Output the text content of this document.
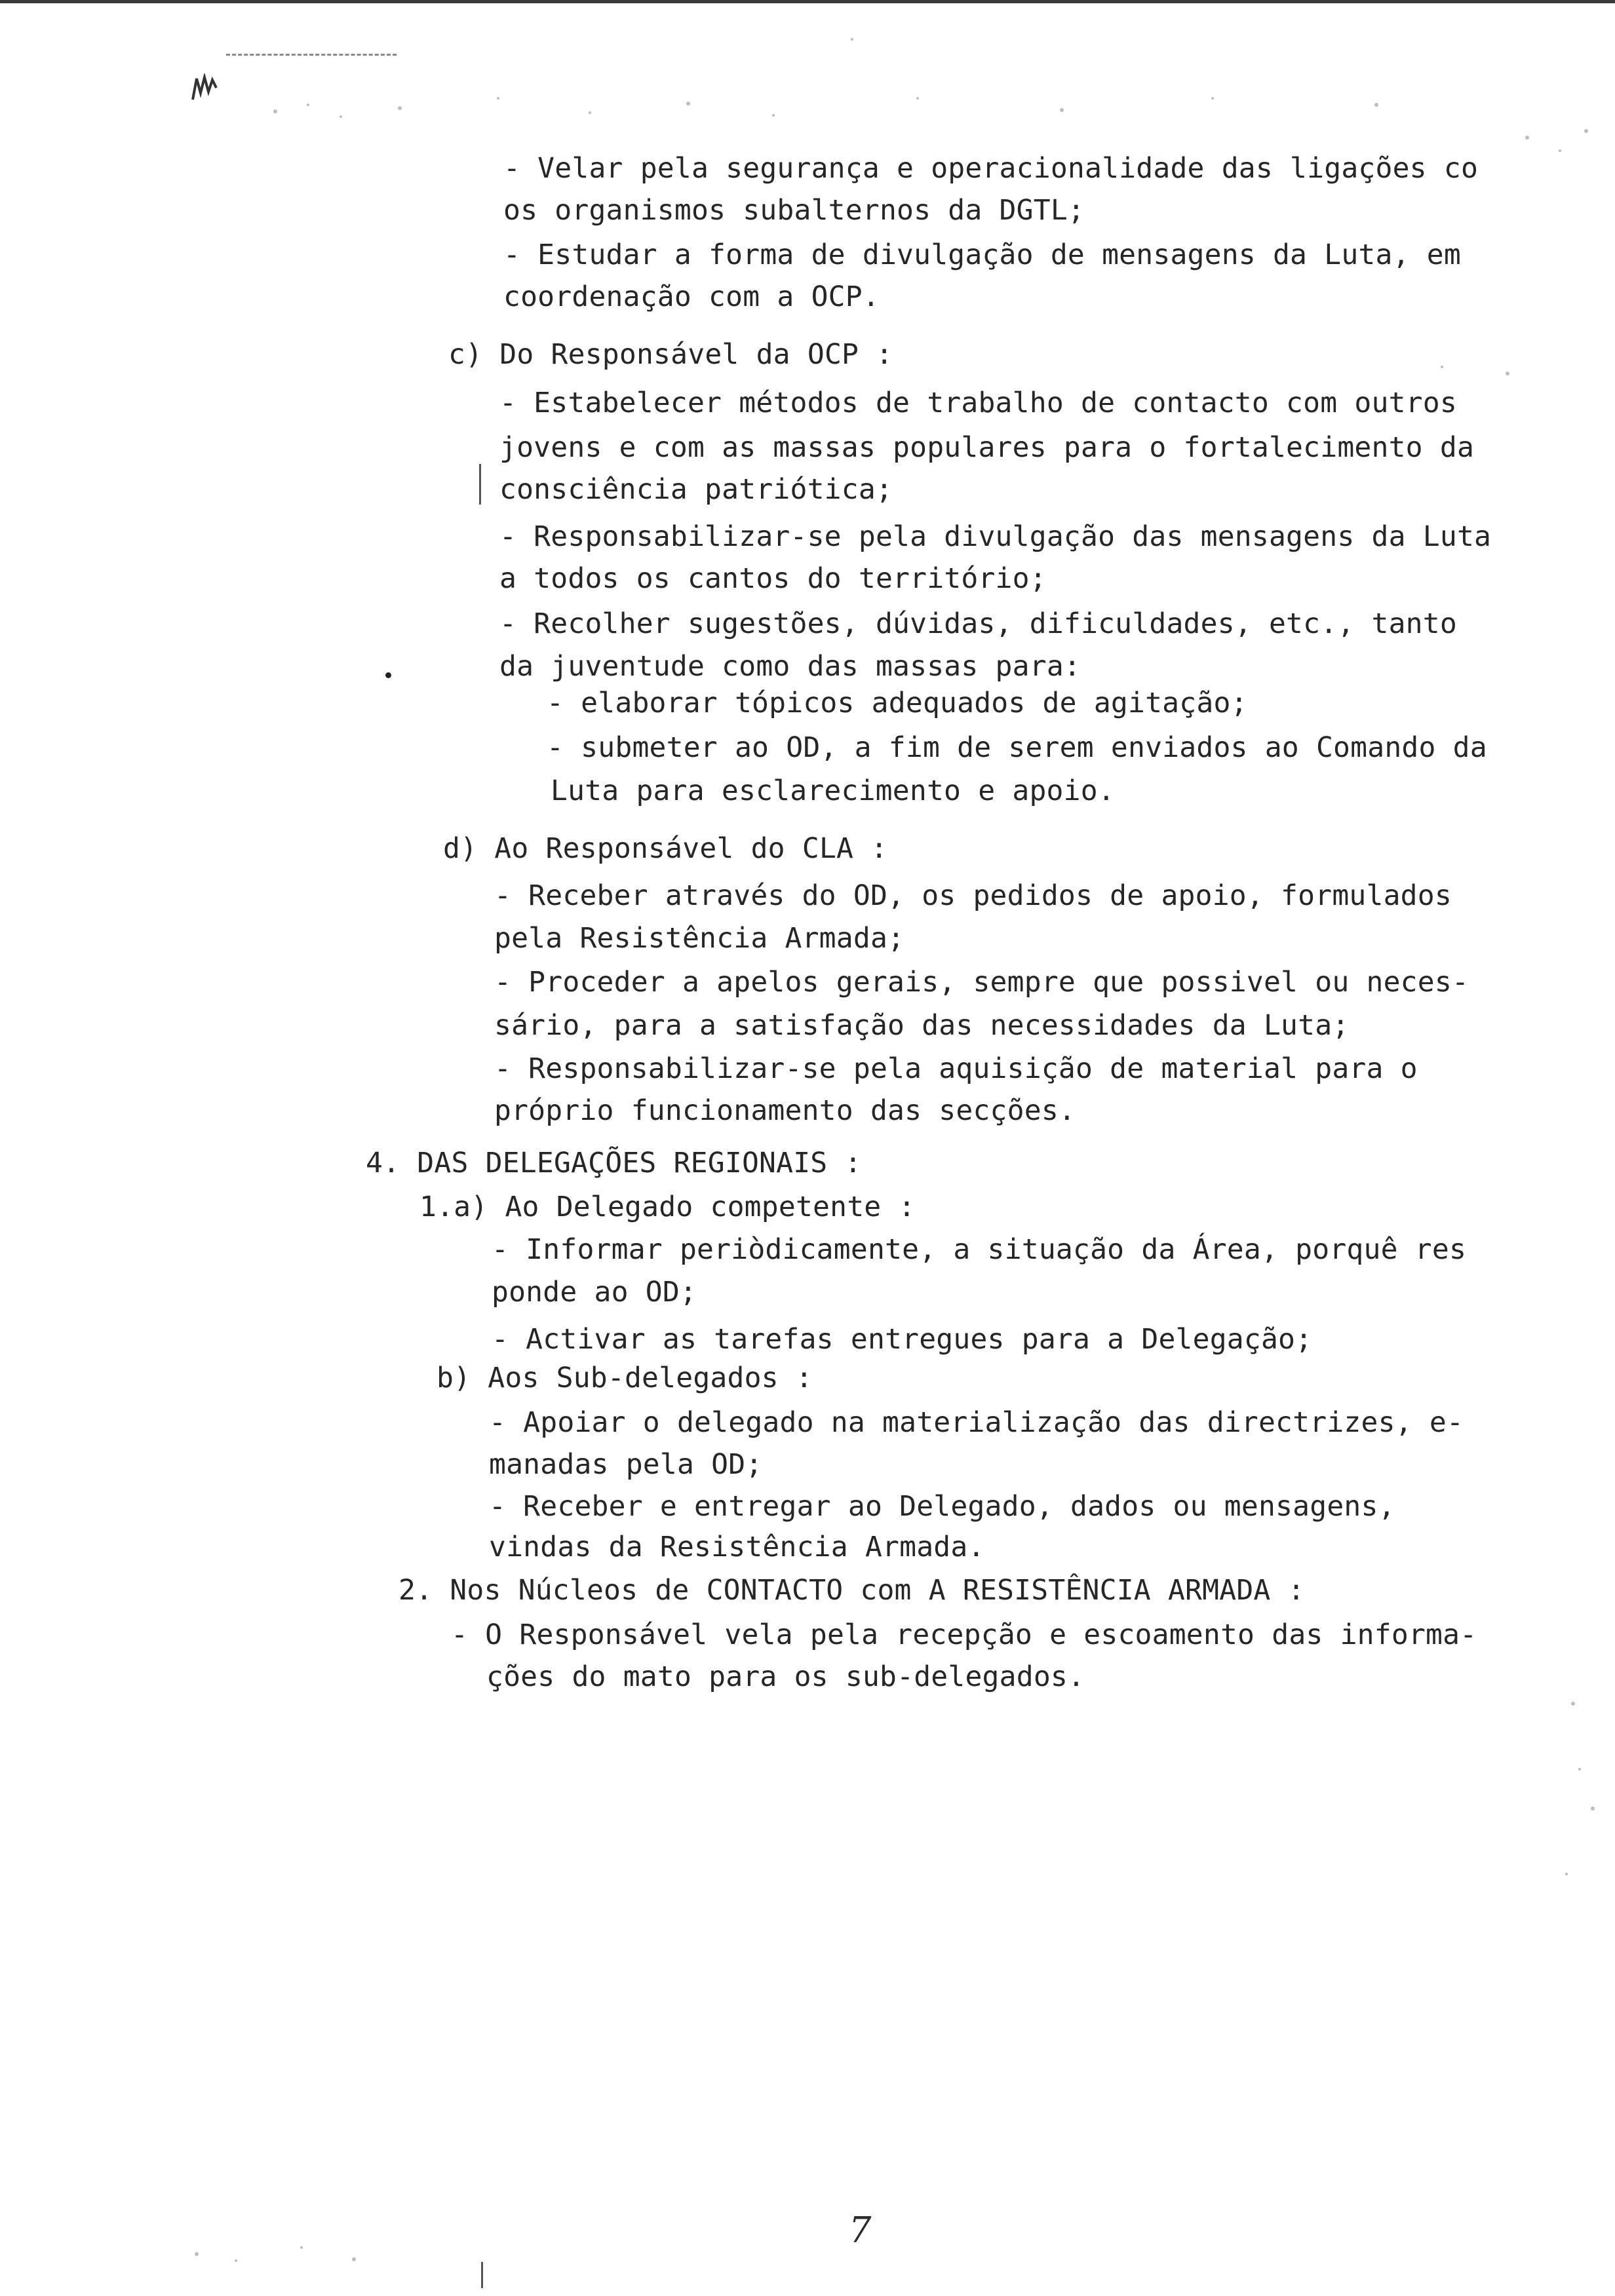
- Velar pela segurança e operacionalidade das ligações co
os organismos subalternos da DGTL;
- Estudar a forma de divulgação de mensagens da Luta, em
coordenação com a OCP.
c) Do Responsável da OCP :
- Estabelecer métodos de trabalho de contacto com outros
jovens e com as massas populares para o fortalecimento da
consciência patriótica;
- Responsabilizar-se pela divulgação das mensagens da Luta
a todos os cantos do território;
- Recolher sugestões, dúvidas, dificuldades, etc., tanto
da juventude como das massas para:
- elaborar tópicos adequados de agitação;
- submeter ao OD, a fim de serem enviados ao Comando da
Luta para esclarecimento e apoio.
d) Ao Responsável do CLA :
- Receber através do OD, os pedidos de apoio, formulados
pela Resistência Armada;
- Proceder a apelos gerais, sempre que possivel ou neces-
sário, para a satisfação das necessidades da Luta;
- Responsabilizar-se pela aquisição de material para o
próprio funcionamento das secções.
4. DAS DELEGAÇÕES REGIONAIS :
1.a) Ao Delegado competente :
- Informar periòdicamente, a situação da Área, porquê res
ponde ao OD;
- Activar as tarefas entregues para a Delegação;
b) Aos Sub-delegados :
- Apoiar o delegado na materialização das directrizes, e-
manadas pela OD;
- Receber e entregar ao Delegado, dados ou mensagens,
vindas da Resistência Armada.
2. Nos Núcleos de CONTACTO com A RESISTÊNCIA ARMADA :
- O Responsável vela pela recepção e escoamento das informa-
ções do mato para os sub-delegados.
7
